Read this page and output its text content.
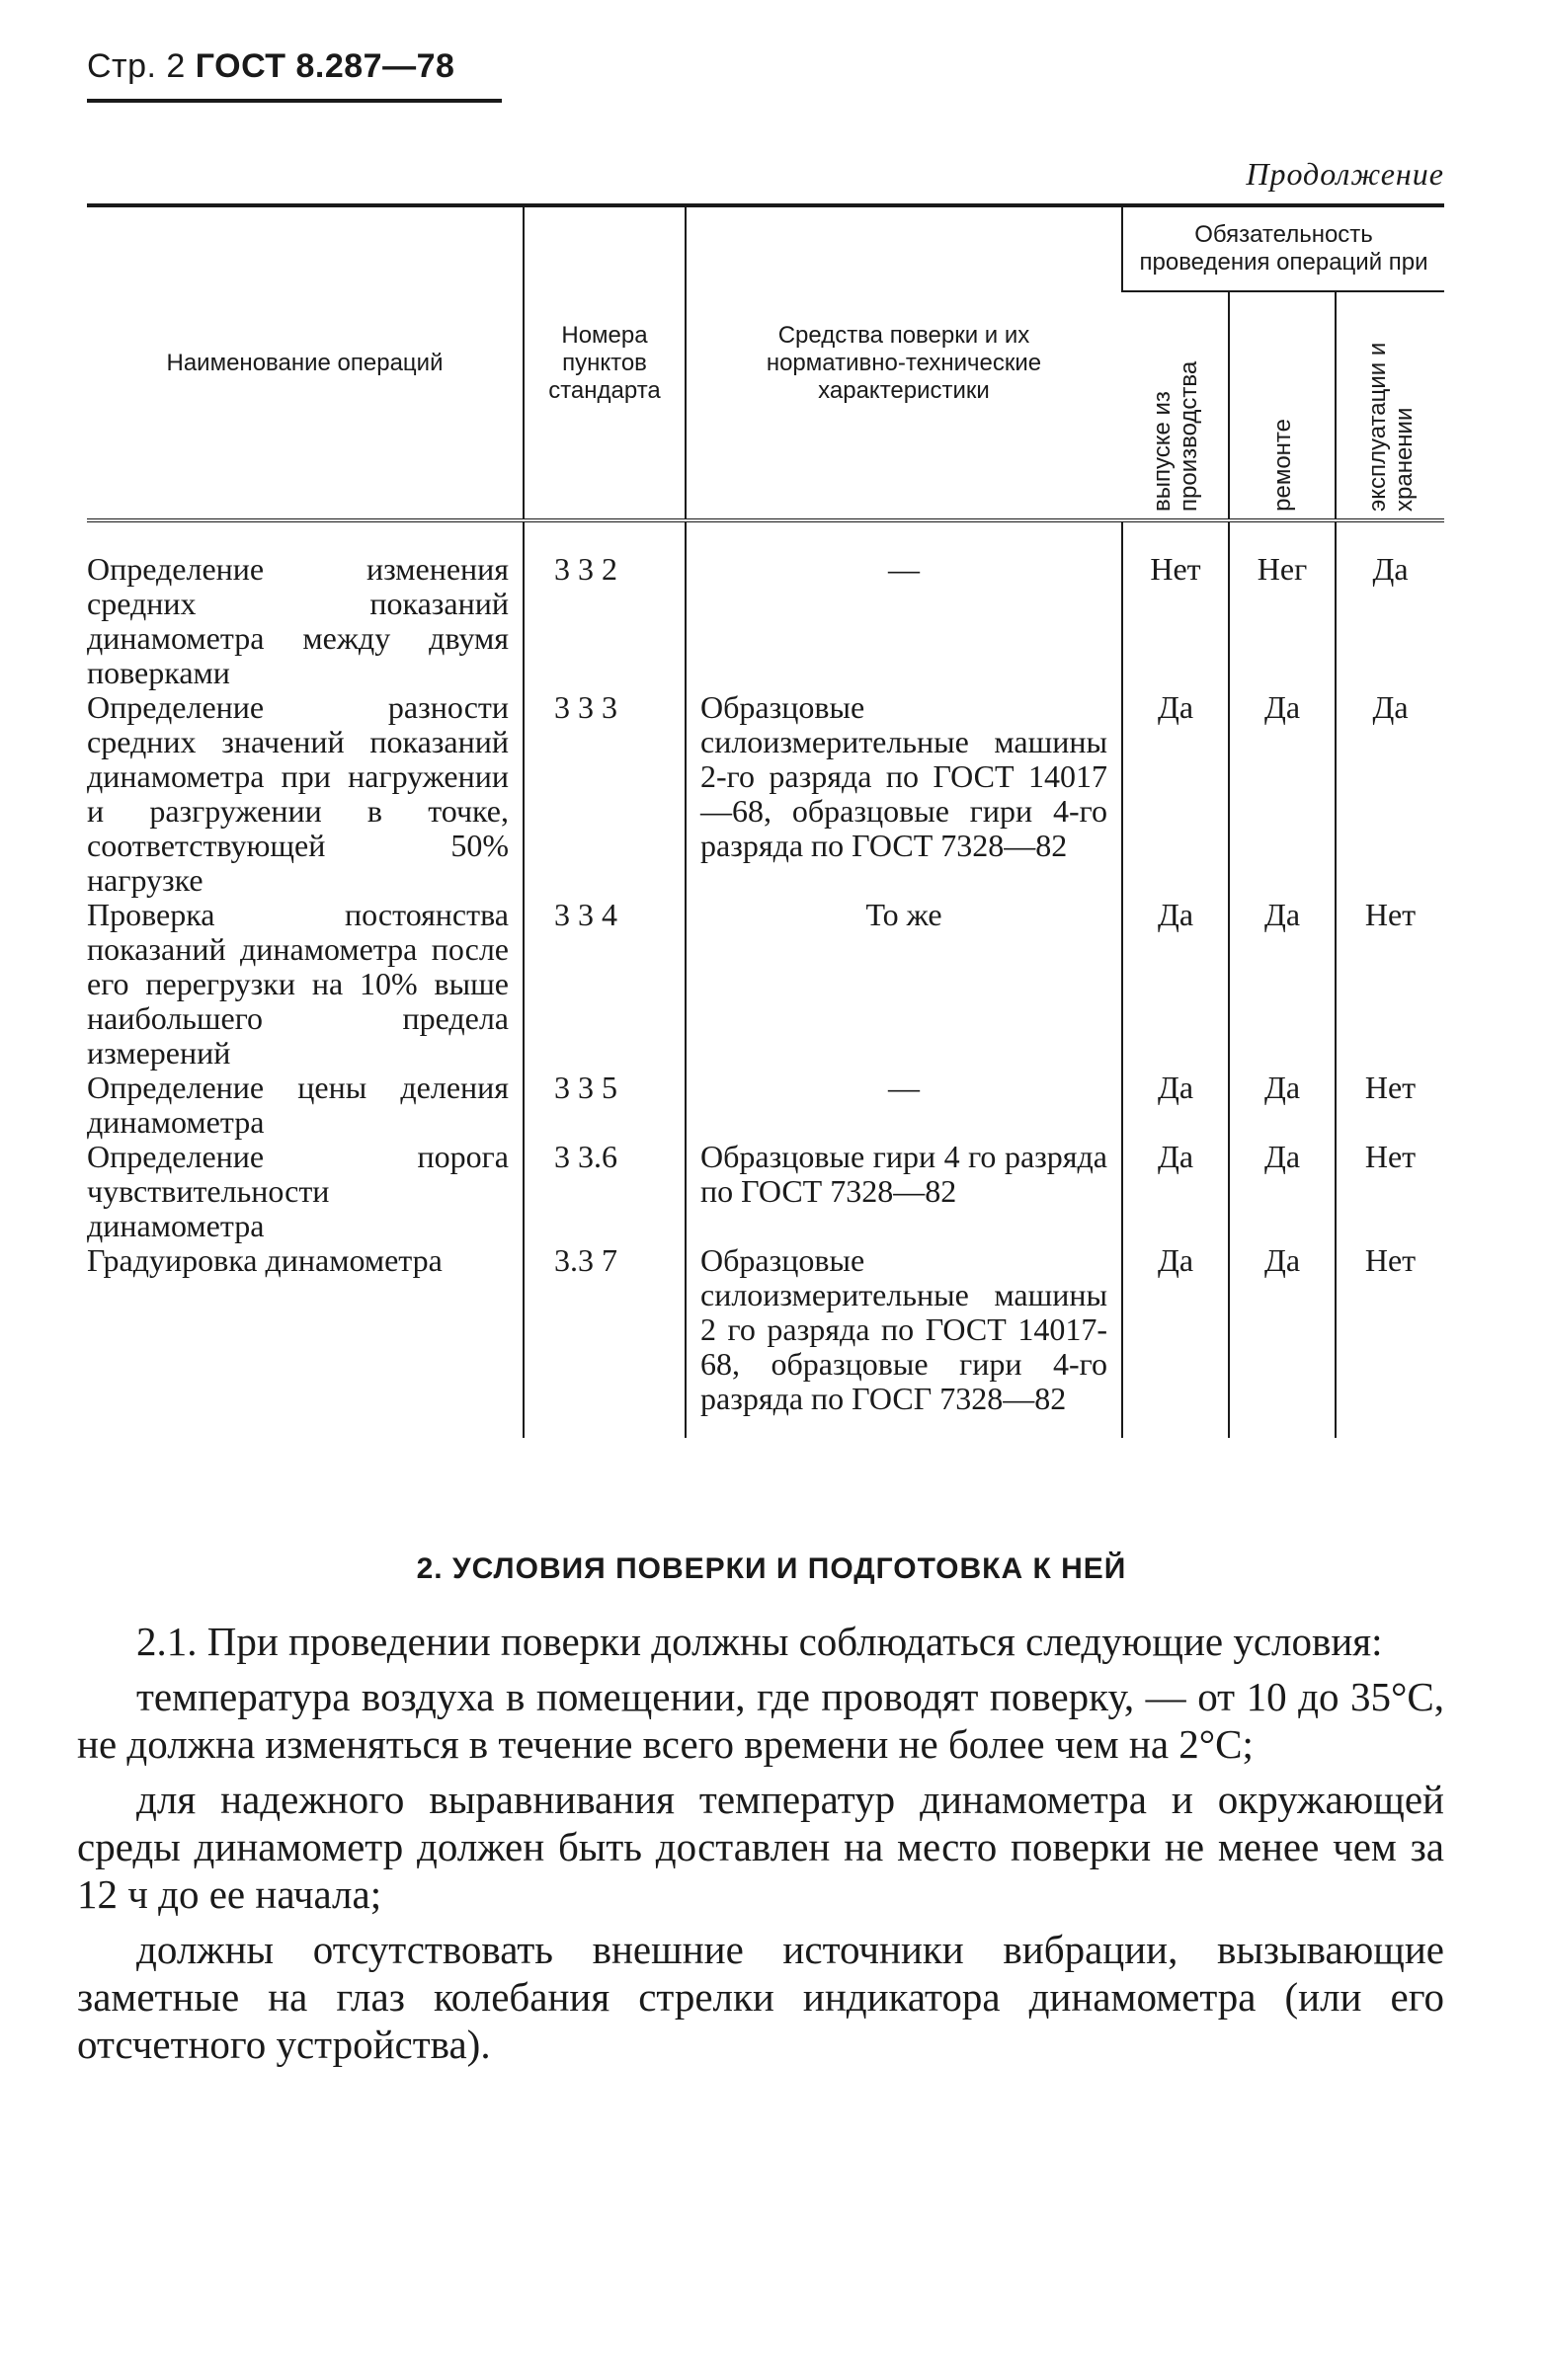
Стр. 2 ГОСТ 8.287—78
Продолжение
Наименование операций	Номера пунктов стандарта	Средства поверки и их нормативно-техничеcкие характеристики	Обязательность проведения операций при		
			выпуске из производства	ремонте	эксплуатации и хранении
Определение изменения средних показаний динамометра между двумя поверками	3 3 2	—	Нет	Нег	Да
Определение разности средних значений показаний динамометра при нагружении и разгружении в точке, соответствующей 50% нагрузке	3 3 3	Образцовые силоизмерительные машины 2-го разряда по ГОСТ 14017—68, образцовые гири 4-го разряда по ГОСТ 7328—82	Да	Да	Да
Проверка постоянства показаний динамометра после его перегрузки на 10% выше наибольшего предела измерений	3 3 4	То же	Да	Да	Нет
Определение цены деления динамометра	3 3 5	—	Да	Да	Нет
Определение порога чувствительности динамометра	3 3.6	Образцовые гири 4 го разряда по ГОСТ 7328—82	Да	Да	Нет
Градуировка динамометра	3.3 7	Образцовые силоизмерительные машины 2 го разряда по ГОСТ 14017- 68, образцовые гири 4-го разряда по ГОСГ 7328—82	Да	Да	Нет
2. УСЛОВИЯ ПОВЕРКИ И ПОДГОТОВКА К НЕЙ

2.1. При проведении поверки должны соблюдаться следующие условия:

температура воздуха в помещении, где проводят поверку, — от 10 до 35°С, не должна изменяться в течение всего времени не более чем на 2°С;

для надежного выравнивания температур динамометра и окружающей среды динамометр должен быть доставлен на место поверки не менее чем за 12 ч до ее начала;

должны отсутствовать внешние источники вибрации, вызывающие заметные на глаз колебания стрелки индикатора динамометра (или его отсчетного устройства).
